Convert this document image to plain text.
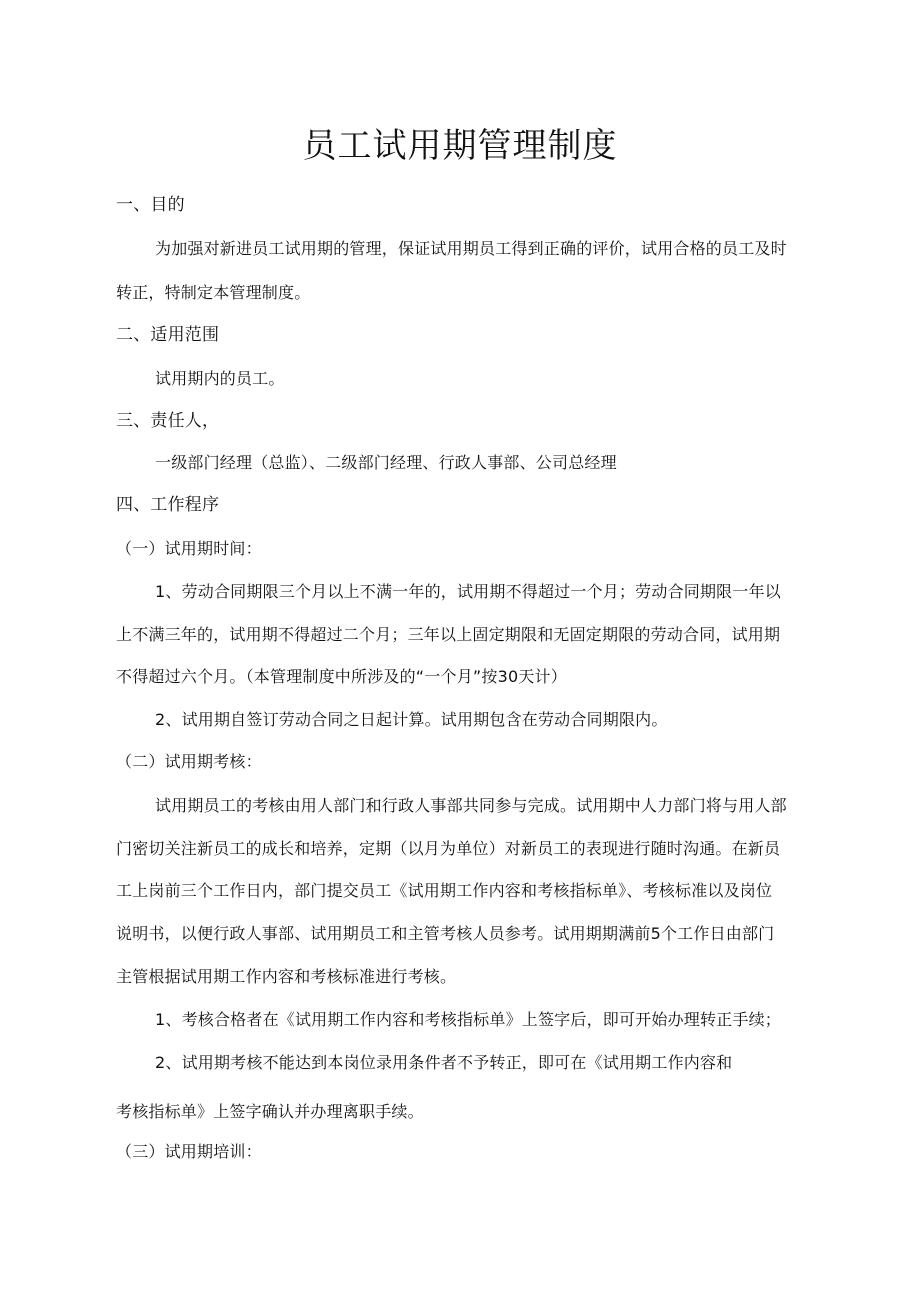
员工试用期管理制度
一、目的
为加强对新进员工试用期的管理，保证试用期员工得到正确的评价，试用合格的员工及时
转正，特制定本管理制度。
二、适用范围
试用期内的员工。
三、责任人，
一级部门经理（总监）、二级部门经理、行政人事部、公司总经理
四、工作程序
（一）试用期时间：
1、劳动合同期限三个月以上不满一年的，试用期不得超过一个月；劳动合同期限一年以
上不满三年的，试用期不得超过二个月；三年以上固定期限和无固定期限的劳动合同，试用期
不得超过六个月。（本管理制度中所涉及的“一个月”按30天计）
2、试用期自签订劳动合同之日起计算。试用期包含在劳动合同期限内。
（二）试用期考核：
试用期员工的考核由用人部门和行政人事部共同参与完成。试用期中人力部门将与用人部
门密切关注新员工的成长和培养，定期（以月为单位）对新员工的表现进行随时沟通。在新员
工上岗前三个工作日内，部门提交员工《试用期工作内容和考核指标单》、考核标准以及岗位
说明书，以便行政人事部、试用期员工和主管考核人员参考。试用期期满前5个工作日由部门
主管根据试用期工作内容和考核标准进行考核。
1、考核合格者在《试用期工作内容和考核指标单》上签字后，即可开始办理转正手续；
2、试用期考核不能达到本岗位录用条件者不予转正，即可在《试用期工作内容和
考核指标单》上签字确认并办理离职手续。
（三）试用期培训：
